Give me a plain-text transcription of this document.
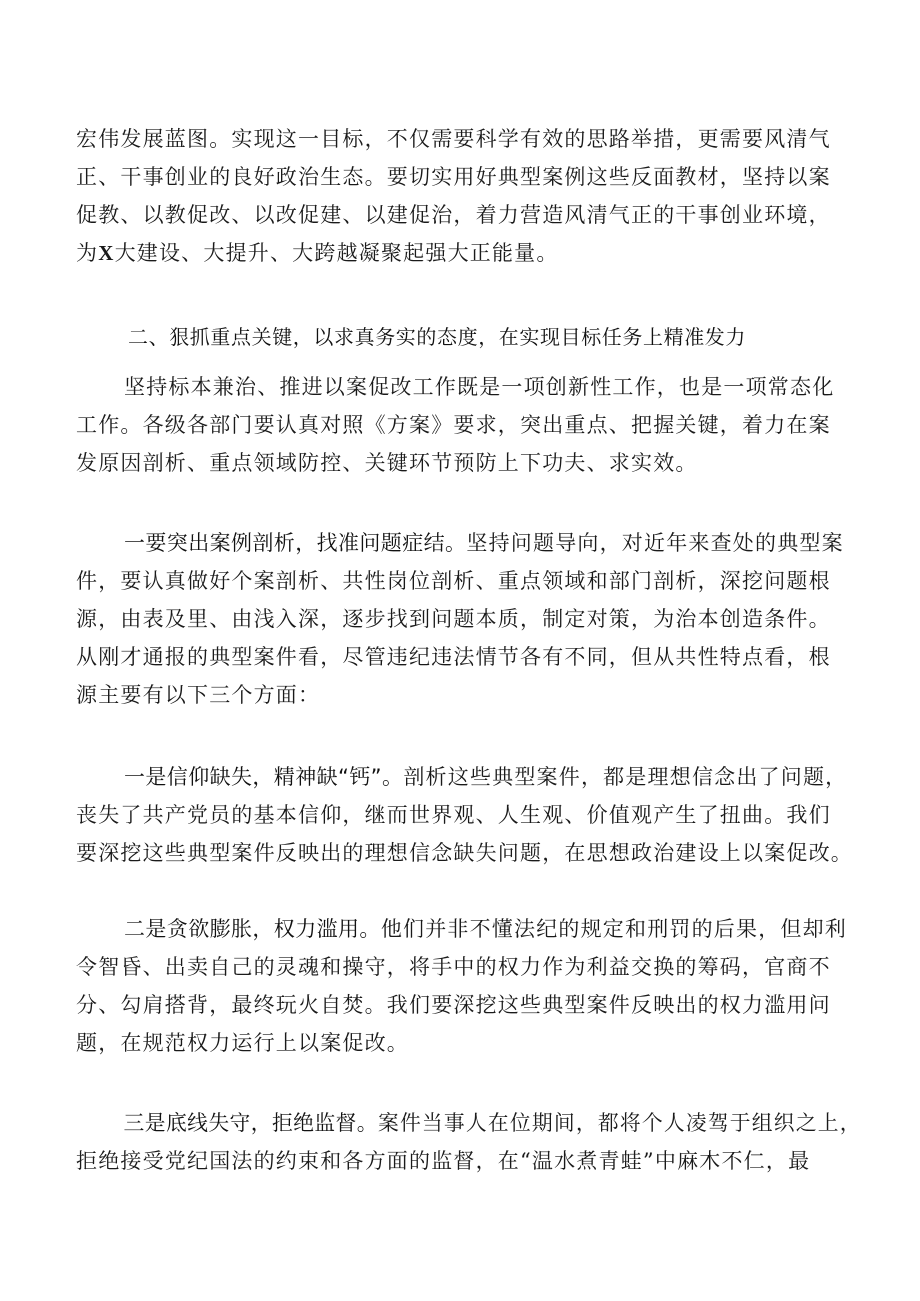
宏伟发展蓝图。实现这一目标，不仅需要科学有效的思路举措，更需要风清气
正、干事创业的良好政治生态。要切实用好典型案例这些反面教材，坚持以案
促教、以教促改、以改促建、以建促治，着力营造风清气正的干事创业环境，
为X大建设、大提升、大跨越凝聚起强大正能量。
二、狠抓重点关键，以求真务实的态度，在实现目标任务上精准发力
坚持标本兼治、推进以案促改工作既是一项创新性工作，也是一项常态化
工作。各级各部门要认真对照《方案》要求，突出重点、把握关键，着力在案
发原因剖析、重点领域防控、关键环节预防上下功夫、求实效。
一要突出案例剖析，找准问题症结。坚持问题导向，对近年来查处的典型案
件，要认真做好个案剖析、共性岗位剖析、重点领域和部门剖析，深挖问题根
源，由表及里、由浅入深，逐步找到问题本质，制定对策，为治本创造条件。
从刚才通报的典型案件看，尽管违纪违法情节各有不同，但从共性特点看，根
源主要有以下三个方面：
一是信仰缺失，精神缺“钙”。剖析这些典型案件，都是理想信念出了问题，
丧失了共产党员的基本信仰，继而世界观、人生观、价值观产生了扭曲。我们
要深挖这些典型案件反映出的理想信念缺失问题，在思想政治建设上以案促改。
二是贪欲膨胀，权力滥用。他们并非不懂法纪的规定和刑罚的后果，但却利
令智昏、出卖自己的灵魂和操守，将手中的权力作为利益交换的筹码，官商不
分、勾肩搭背，最终玩火自焚。我们要深挖这些典型案件反映出的权力滥用问
题，在规范权力运行上以案促改。
三是底线失守，拒绝监督。案件当事人在位期间，都将个人凌驾于组织之上，
拒绝接受党纪国法的约束和各方面的监督，在“温水煮青蛙”中麻木不仁，最
